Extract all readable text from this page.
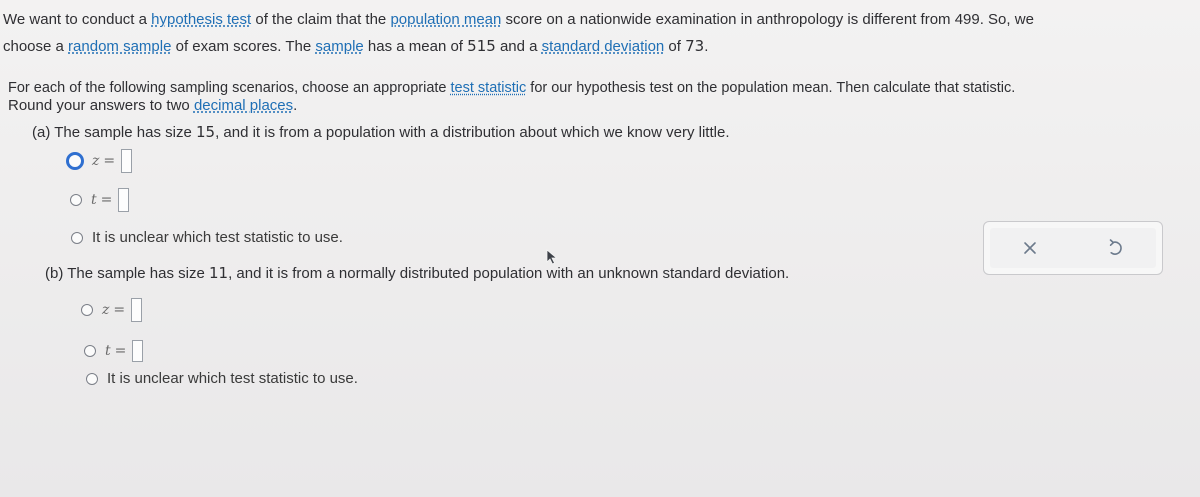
We want to conduct a hypothesis test of the claim that the population mean score on a nationwide examination in anthropology is different from 499. So, we
choose a random sample of exam scores. The sample has a mean of 515 and a standard deviation of 73.
For each of the following sampling scenarios, choose an appropriate test statistic for our hypothesis test on the population mean. Then calculate that statistic.
Round your answers to two decimal places.
(a) The sample has size 15, and it is from a population with a distribution about which we know very little.
z =
t =
It is unclear which test statistic to use.
(b) The sample has size 11, and it is from a normally distributed population with an unknown standard deviation.
z =
t =
It is unclear which test statistic to use.
